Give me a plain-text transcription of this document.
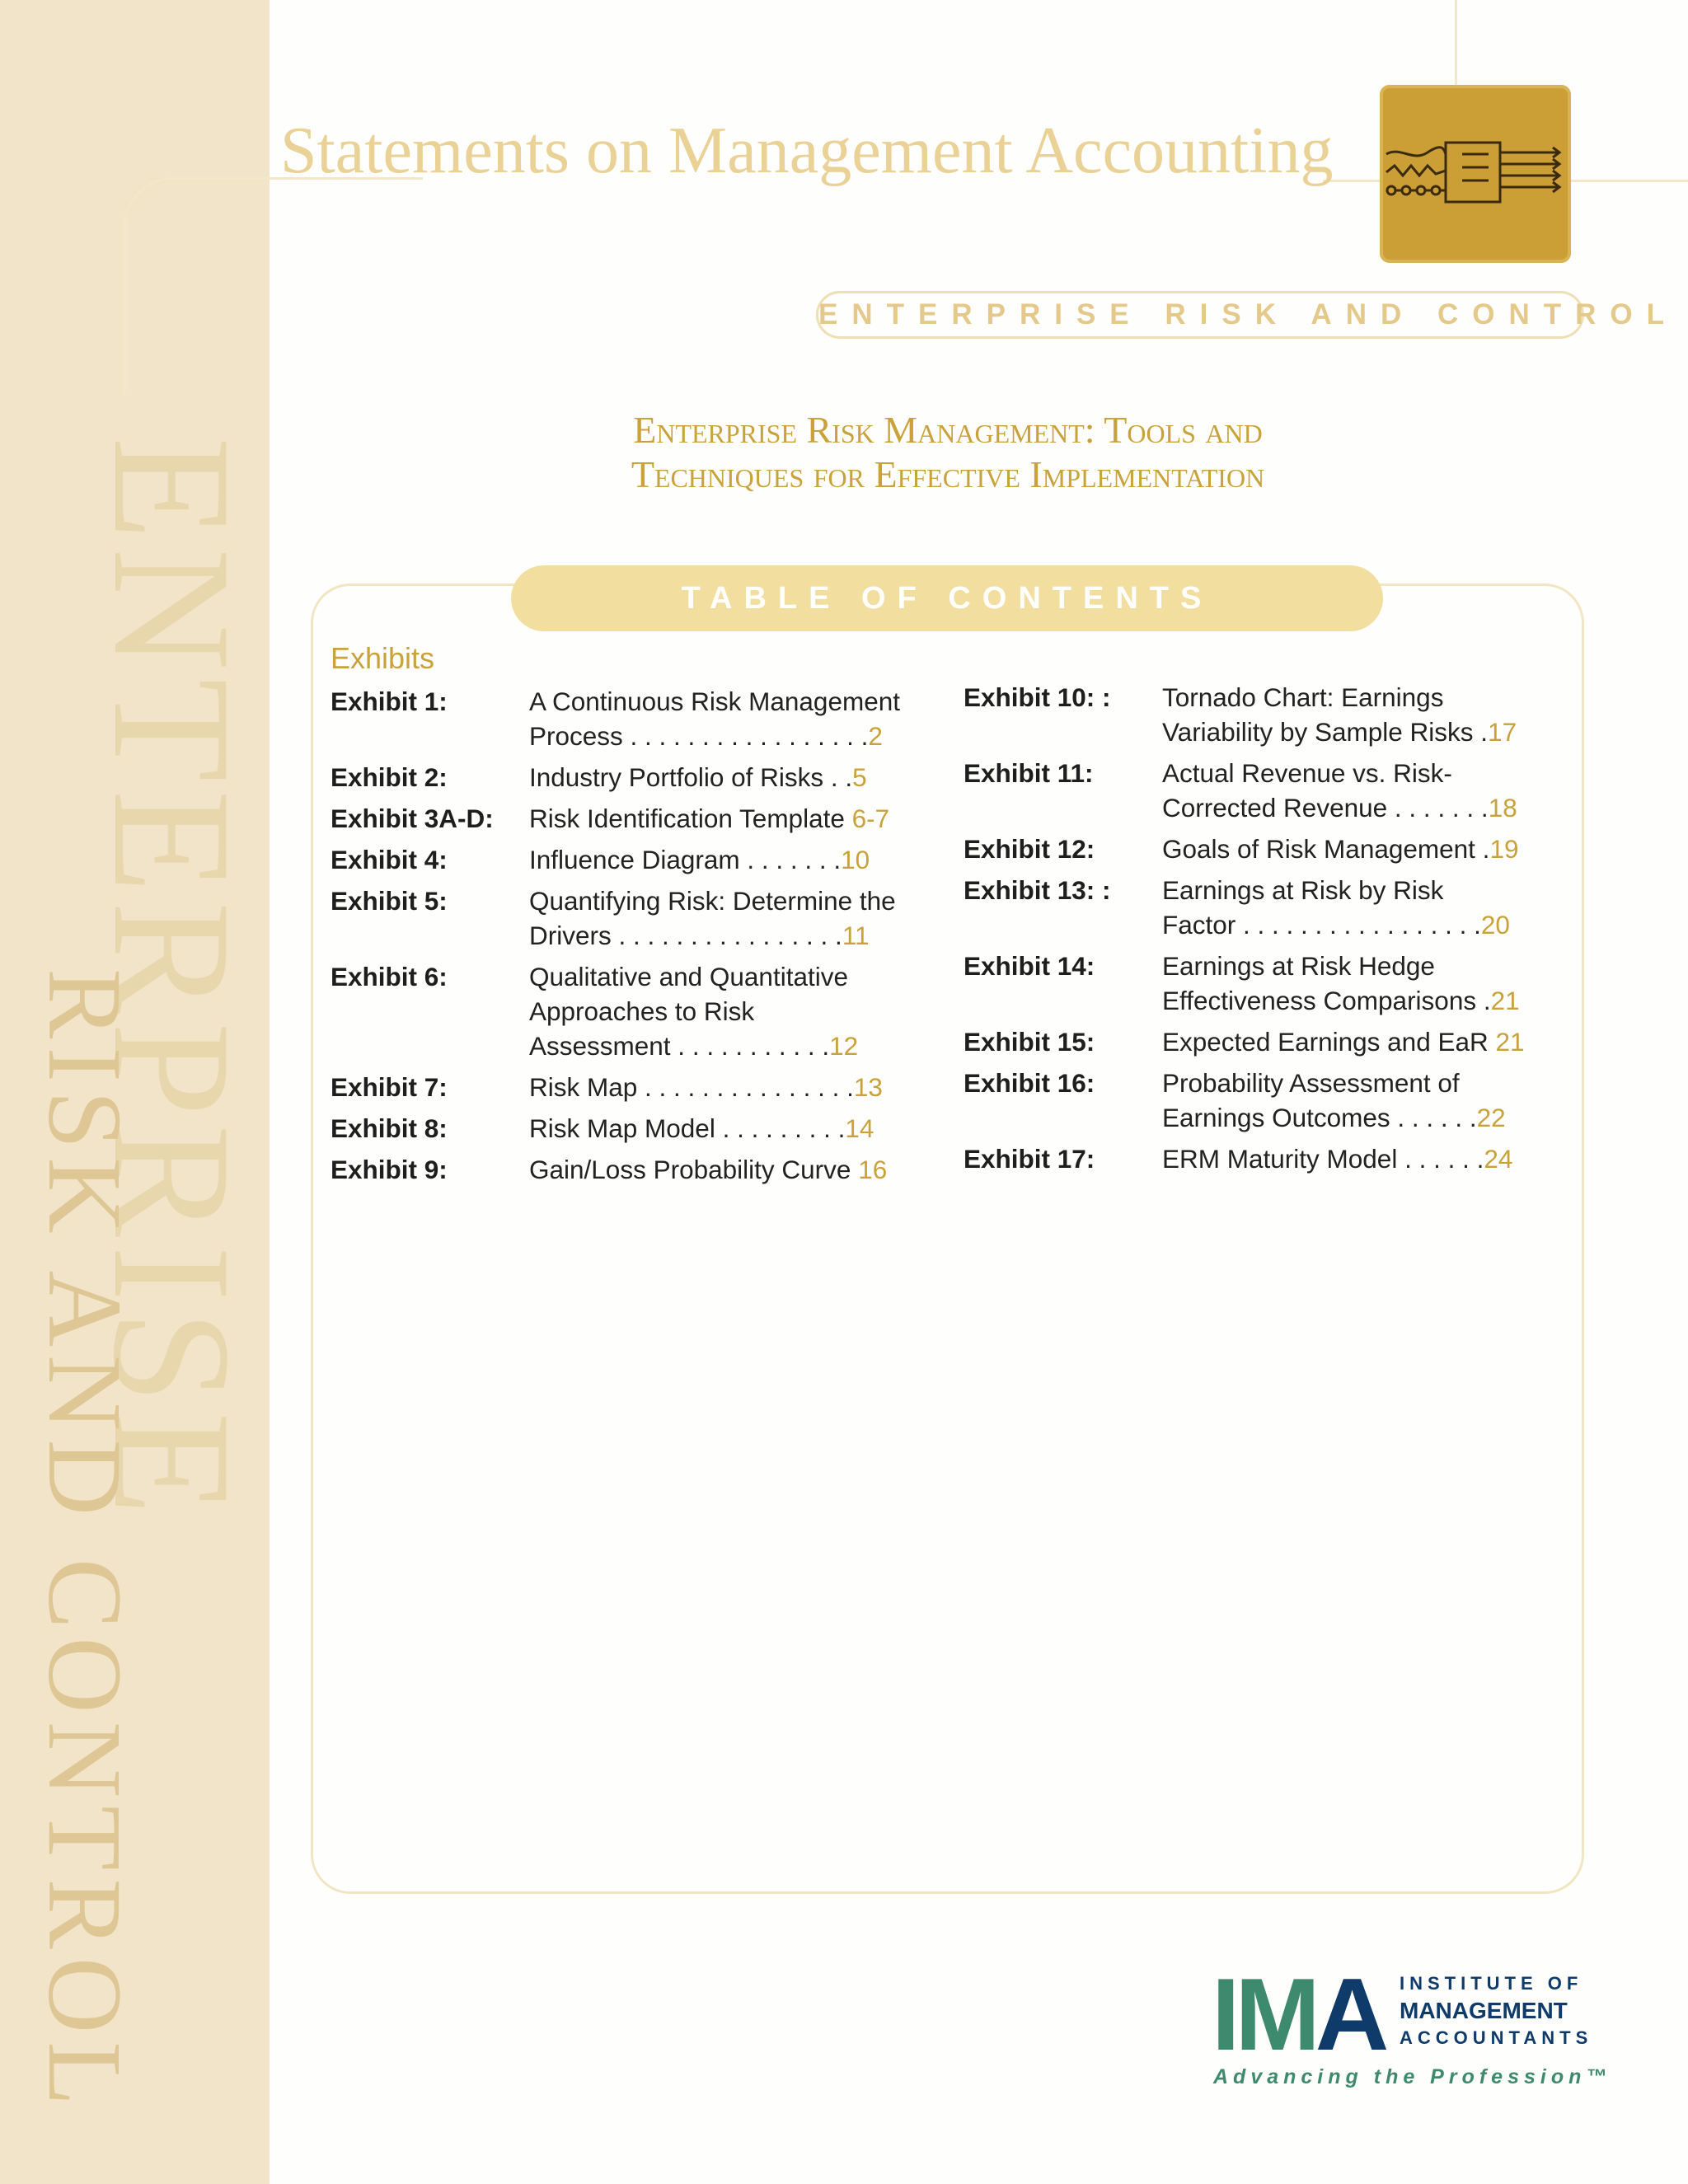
ENTERPRISE
RISK AND CONTROL
Statements on Management Accounting
ENTERPRISE RISK AND CONTROL
Enterprise Risk Management: Tools and
Techniques for Effective Implementation
TABLE OF CONTENTS
Exhibits
Exhibit 1:	A Continuous Risk Management
Process . . . . . . . . . . . . . . . . .2
Exhibit 2:	Industry Portfolio of Risks . .5
Exhibit 3A-D:	Risk Identification Template 6-7
Exhibit 4:	Influence Diagram . . . . . . .10
Exhibit 5:	Quantifying Risk: Determine the
Drivers . . . . . . . . . . . . . . . .11
Exhibit 6:	Qualitative and Quantitative
Approaches to Risk
Assessment . . . . . . . . . . .12
Exhibit 7:	Risk Map . . . . . . . . . . . . . . .13
Exhibit 8:	Risk Map Model . . . . . . . . .14
Exhibit 9:	Gain/Loss Probability Curve 16
Exhibit 10: :	Tornado Chart: Earnings
Variability by Sample Risks .17
Exhibit 11:	Actual Revenue vs. Risk-
Corrected Revenue . . . . . . .18
Exhibit 12:	Goals of Risk Management .19
Exhibit 13: :	Earnings at Risk by Risk
Factor . . . . . . . . . . . . . . . . .20
Exhibit 14:	Earnings at Risk Hedge
Effectiveness Comparisons .21
Exhibit 15:	Expected Earnings and EaR 21
Exhibit 16:	Probability Assessment of
Earnings Outcomes . . . . . .22
Exhibit 17:	ERM Maturity Model . . . . . .24
IMA INSTITUTE OF
MANAGEMENT
ACCOUNTANTS
Advancing the Profession™
